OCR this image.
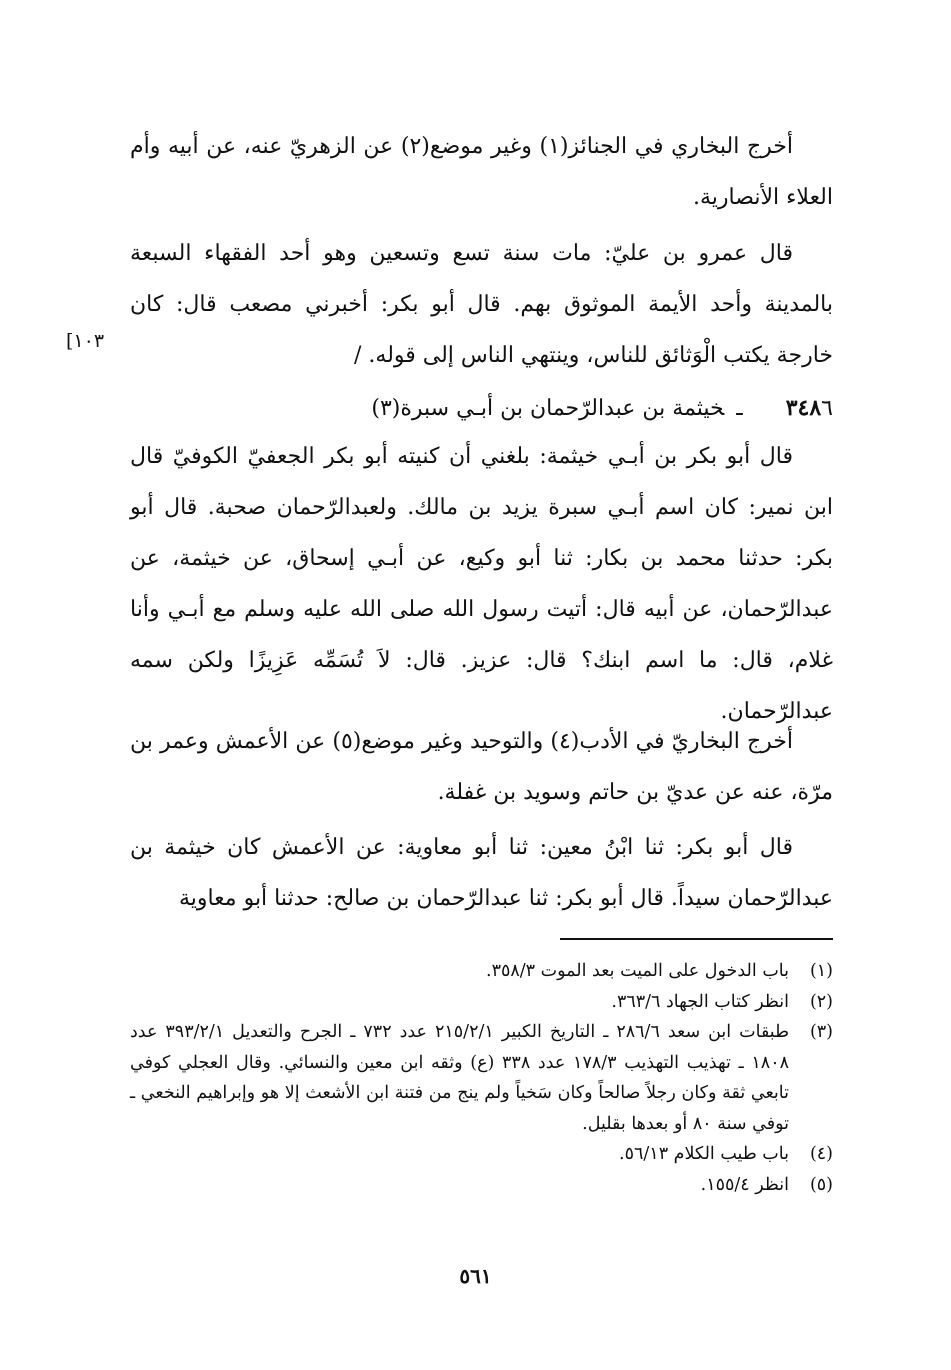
أخرج البخاري في الجنائز(١) وغير موضع(٢) عن الزهريّ عنه، عن أبيه وأم العلاء الأنصارية.

قال عمرو بن عليّ: مات سنة تسع وتسعين وهو أحد الفقهاء السبعة بالمدينة وأحد الأيمة الموثوق بهم. قال أبو بكر: أخبرني مصعب قال: كان خارجة يكتب الْوَثائق للناس، وينتهي الناس إلى قوله. /

١٠٣]

٣٤٨٦ ـخيثمة بن عبدالرّحمان بن أبـي سبرة(٣)

قال أبو بكر بن أبـي خيثمة: بلغني أن كنيته أبو بكر الجعفيّ الكوفيّ قال ابن نمير: كان اسم أبـي سبرة يزيد بن مالك. ولعبدالرّحمان صحبة. قال أبو بكر: حدثنا محمد بن بكار: ثنا أبو وكيع، عن أبـي إسحاق، عن خيثمة، عن عبدالرّحمان، عن أبيه قال: أتيت رسول الله صلى الله عليه وسلم مع أبـي وأنا غلام، قال: ما اسم ابنك؟ قال: عزيز. قال: لاَ تُسَمِّه عَزِيزًا ولكن سمه عبدالرّحمان.

أخرج البخاريّ في الأدب(٤) والتوحيد وغير موضع(٥) عن الأعمش وعمر بن مرّة، عنه عن عديّ بن حاتم وسويد بن غفلة.

قال أبو بكر: ثنا ابْنُ معين: ثنا أبو معاوية: عن الأعمش كان خيثمة بن عبدالرّحمان سيداً. قال أبو بكر: ثنا عبدالرّحمان بن صالح: حدثنا أبو معاوية

(١)
باب الدخول على الميت بعد الموت ٣٥٨/٣.
(٢)
انظر كتاب الجهاد ٣٦٣/٦.
(٣)
طبقات ابن سعد ٢٨٦/٦ ـ التاريخ الكبير ٢١٥/٢/١ عدد ٧٣٢ ـ الجرح والتعديل ٣٩٣/٢/١ عدد ١٨٠٨ ـ تهذيب التهذيب ١٧٨/٣ عدد ٣٣٨ (ع) وثقه ابن معين والنسائي. وقال العجلي كوفي تابعي ثقة وكان رجلاً صالحاً وكان سَخياً ولم ينج من فتنة ابن الأشعث إلا هو وإبراهيم النخعي ـ توفي سنة ٨٠ أو بعدها بقليل.
(٤)
باب طيب الكلام ٥٦/١٣.
(٥)
انظر ١٥٥/٤.
٥٦١
